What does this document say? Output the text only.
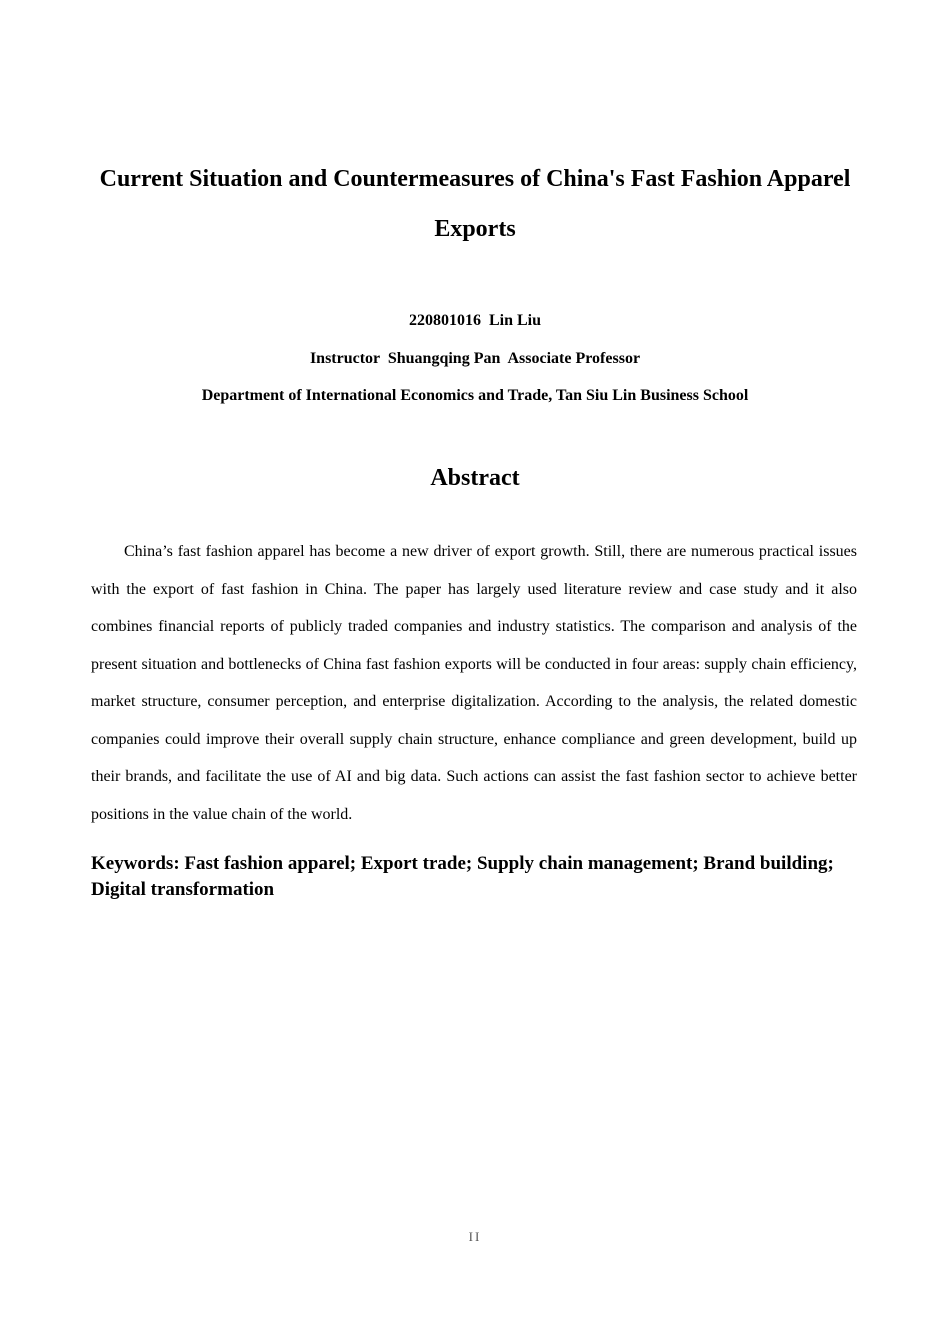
Current Situation and Countermeasures of China's Fast Fashion Apparel
Exports
220801016  Lin Liu
Instructor  Shuangqing Pan  Associate Professor
Department of International Economics and Trade, Tan Siu Lin Business School
Abstract

China’s fast fashion apparel has become a new driver of export growth. Still, there are numerous practical issues with the export of fast fashion in China. The paper has largely used literature review and case study and it also combines financial reports of publicly traded companies and industry statistics. The comparison and analysis of the present situation and bottlenecks of China fast fashion exports will be conducted in four areas: supply chain efficiency, market structure, consumer perception, and enterprise digitalization. According to the analysis, the related domestic companies could improve their overall supply chain structure, enhance compliance and green development, build up their brands, and facilitate the use of AI and big data. Such actions can assist the fast fashion sector to achieve better positions in the value chain of the world.

Keywords: Fast fashion apparel; Export trade; Supply chain management; Brand building; Digital transformation

II
